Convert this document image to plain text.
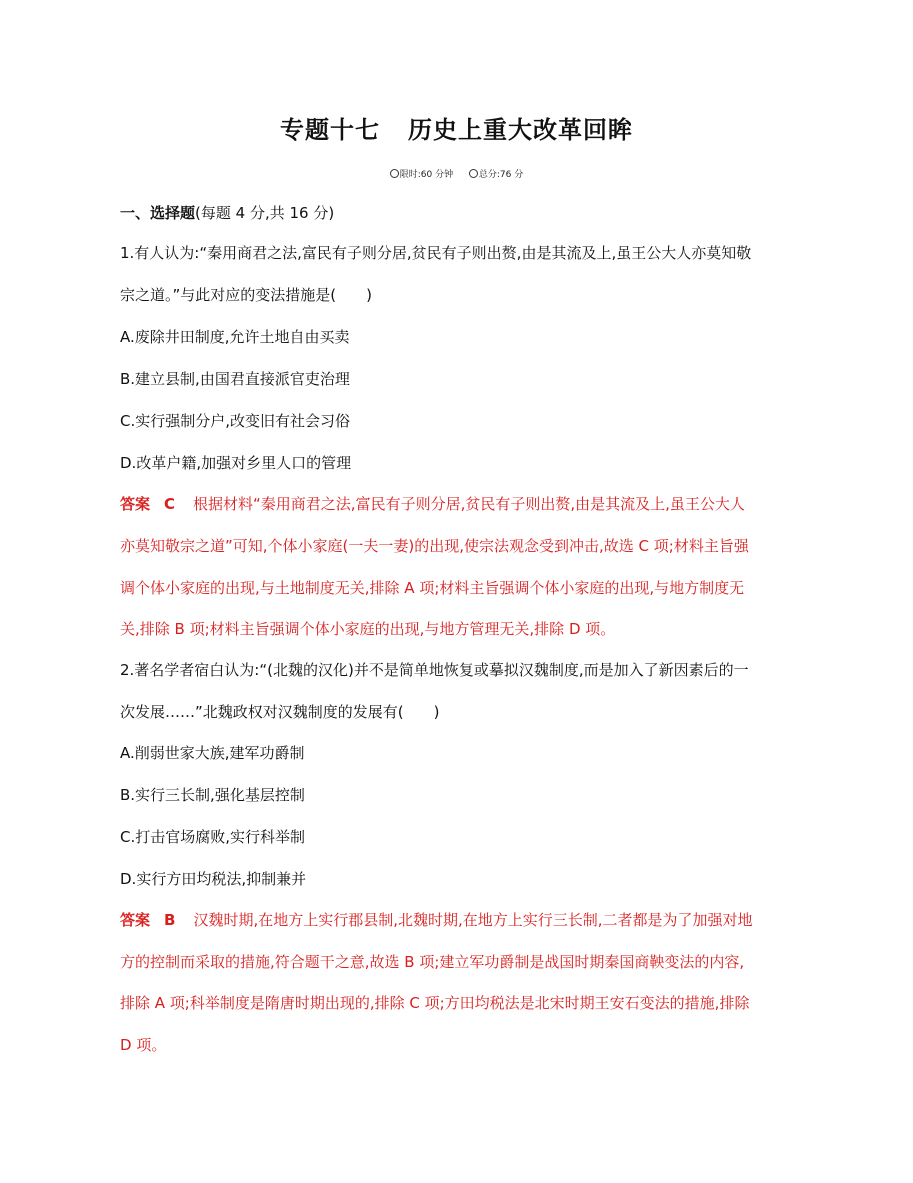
专题十七 历史上重大改革回眸
限时:60 分钟	总分:76 分
一、选择题(每题 4 分,共 16 分)
1.有人认为:“秦用商君之法,富民有子则分居,贫民有子则出赘,由是其流及上,虽王公大人亦莫知敬
宗之道。”与此对应的变法措施是(　　)
A.废除井田制度,允许土地自由买卖
B.建立县制,由国君直接派官吏治理
C.实行强制分户,改变旧有社会习俗
D.改革户籍,加强对乡里人口的管理
答案 C 根据材料“秦用商君之法,富民有子则分居,贫民有子则出赘,由是其流及上,虽王公大人
亦莫知敬宗之道”可知,个体小家庭(一夫一妻)的出现,使宗法观念受到冲击,故选 C 项;材料主旨强
调个体小家庭的出现,与土地制度无关,排除 A 项;材料主旨强调个体小家庭的出现,与地方制度无
关,排除 B 项;材料主旨强调个体小家庭的出现,与地方管理无关,排除 D 项。
2.著名学者宿白认为:“(北魏的汉化)并不是简单地恢复或摹拟汉魏制度,而是加入了新因素后的一
次发展……”北魏政权对汉魏制度的发展有(　　)
A.削弱世家大族,建军功爵制
B.实行三长制,强化基层控制
C.打击官场腐败,实行科举制
D.实行方田均税法,抑制兼并
答案 B 汉魏时期,在地方上实行郡县制,北魏时期,在地方上实行三长制,二者都是为了加强对地
方的控制而采取的措施,符合题干之意,故选 B 项;建立军功爵制是战国时期秦国商鞅变法的内容,
排除 A 项;科举制度是隋唐时期出现的,排除 C 项;方田均税法是北宋时期王安石变法的措施,排除
D 项。
